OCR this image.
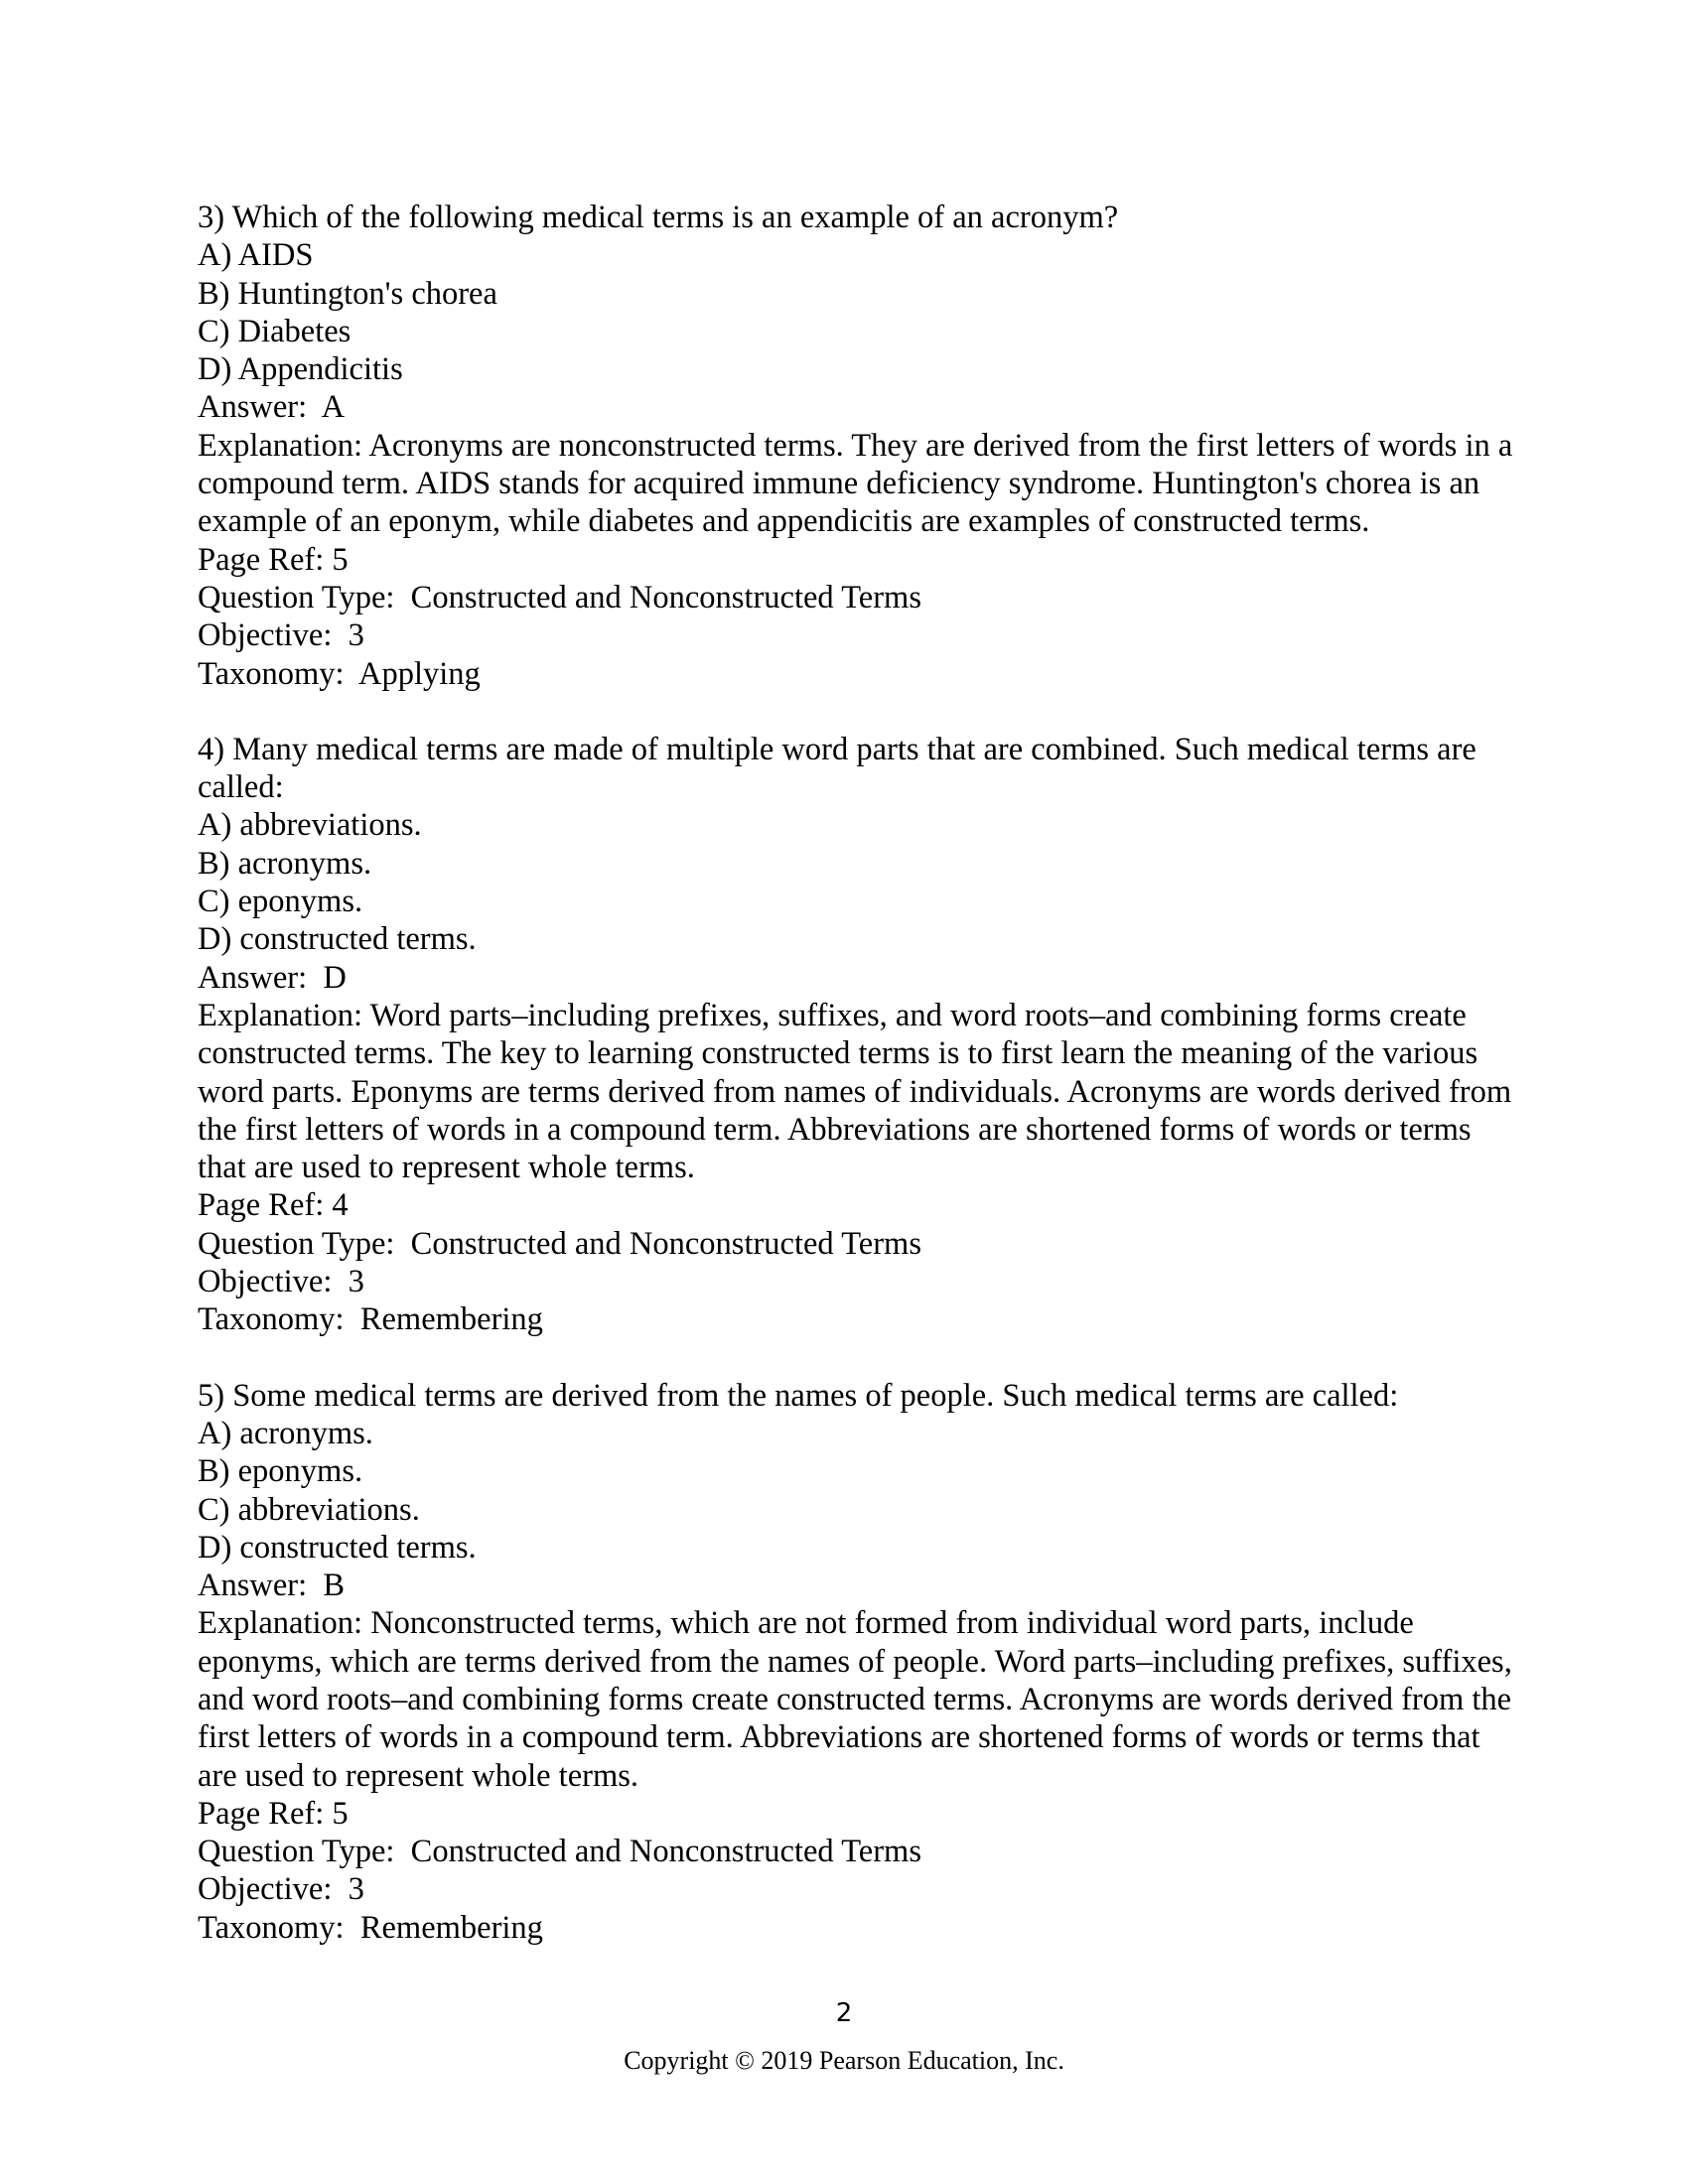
3) Which of the following medical terms is an example of an acronym?

A) AIDS

B) Huntington's chorea

C) Diabetes

D) Appendicitis

Answer:  A

Explanation: Acronyms are nonconstructed terms. They are derived from the first letters of words in a compound term. AIDS stands for acquired immune deficiency syndrome. Huntington's chorea is an example of an eponym, while diabetes and appendicitis are examples of constructed terms.

Page Ref: 5

Question Type:  Constructed and Nonconstructed Terms

Objective:  3

Taxonomy:  Applying

4) Many medical terms are made of multiple word parts that are combined. Such medical terms are called:

A) abbreviations.

B) acronyms.

C) eponyms.

D) constructed terms.

Answer:  D

Explanation: Word parts–including prefixes, suffixes, and word roots–and combining forms create constructed terms. The key to learning constructed terms is to first learn the meaning of the various word parts. Eponyms are terms derived from names of individuals. Acronyms are words derived from the first letters of words in a compound term. Abbreviations are shortened forms of words or terms that are used to represent whole terms.

Page Ref: 4

Question Type:  Constructed and Nonconstructed Terms

Objective:  3

Taxonomy:  Remembering

5) Some medical terms are derived from the names of people. Such medical terms are called:

A) acronyms.

B) eponyms.

C) abbreviations.

D) constructed terms.

Answer:  B

Explanation: Nonconstructed terms, which are not formed from individual word parts, include eponyms, which are terms derived from the names of people. Word parts–including prefixes, suffixes, and word roots–and combining forms create constructed terms. Acronyms are words derived from the first letters of words in a compound term. Abbreviations are shortened forms of words or terms that are used to represent whole terms.

Page Ref: 5

Question Type:  Constructed and Nonconstructed Terms

Objective:  3

Taxonomy:  Remembering

2
Copyright © 2019 Pearson Education, Inc.
